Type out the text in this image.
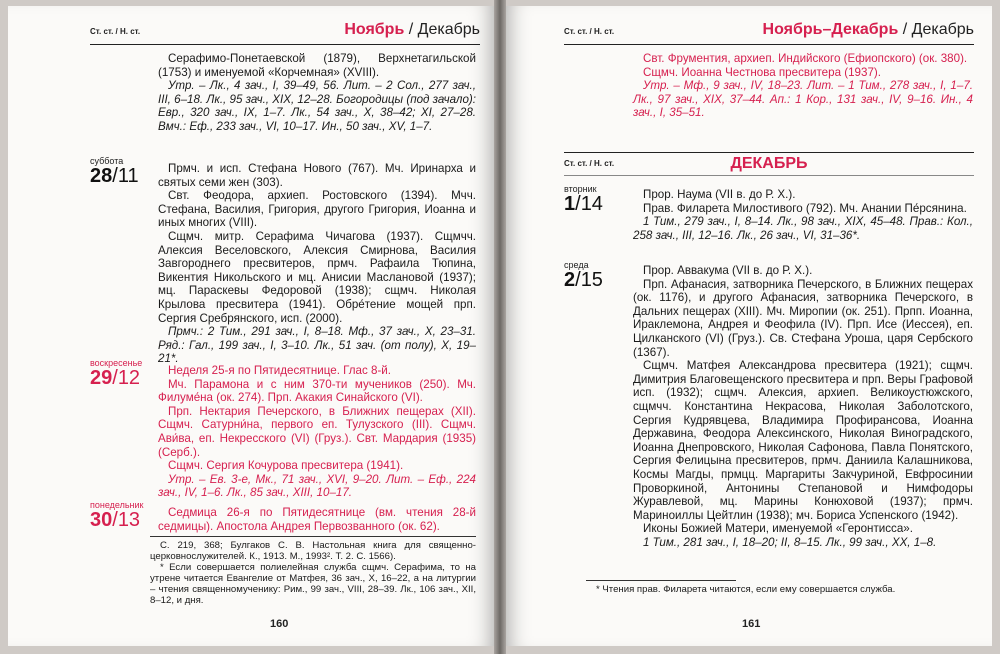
Ст. ст. / Н. ст.	Ноябрь / Декабрь

Серафимо-Понетаевской (1879), Верхнетагильской (1753) и именуемой «Корчемная» (XVIII).

Утр. – Лк., 4 зач., I, 39–49, 56. Лит. – 2 Сол., 277 зач., III, 6–18. Лк., 95 зач., XIX, 12–28. Богородицы (под зачало): Евр., 320 зач., IX, 1–7. Лк., 54 зач., X, 38–42; XI, 27–28. Вмч.: Еф., 233 зач., VI, 10–17. Ин., 50 зач., XV, 1–7.

суббота
28/11	Прмч. и исп. Стефана Нового (767). Мч. Иринарха и святых семи жен (303).

Свт. Феодора, архиеп. Ростовского (1394). Мчч. Стефана, Василия, Григория, другого Григория, Иоанна и иных многих (VIII).

Сщмч. митр. Серафима Чичагова (1937). Сщмчч. Алексия Веселовского, Алексия Смирнова, Василия Завгороднего пресвитеров, прмч. Рафаила Тюпина, Викентия Никольского и мц. Анисии Маслановой (1937); мц. Параскевы Федоровой (1938); сщмч. Николая Крылова пресвитера (1941). Обре́тение мощей прп. Сергия Сребрянского, исп. (2000).

Прмч.: 2 Тим., 291 зач., I, 8–18. Мф., 37 зач., X, 23–31. Ряд.: Гал., 199 зач., I, 3–10. Лк., 51 зач. (от полу), X, 19–21*.

воскресенье
29/12	Неделя 25-я по Пятидесятнице. Глас 8-й.

Мч. Парамона и с ним 370-ти мучеников (250). Мч. Филуме́на (ок. 274). Прп. Акакия Синайского (VI).

Прп. Нектария Печерского, в Ближних пещерах (XII). Сщмч. Сатурни́на, первого еп. Тулузского (III). Сщмч. Ави́ва, еп. Некресского (VI) (Груз.). Свт. Мардария (1935) (Серб.).

Сщмч. Сергия Кочурова пресвитера (1941).

Утр. – Ев. 3-е, Мк., 71 зач., XVI, 9–20. Лит. – Еф., 224 зач., IV, 1–6. Лк., 85 зач., XIII, 10–17.

понедельник
30/13	Седмица 26-я по Пятидесятнице (вм. чтения 28-й седмицы). Апостола Андрея Первозванного (ок. 62).

С. 219, 368; Булгаков С. В. Настольная книга для священно-церковнослужителей. К., 1913. М., 1993². Т. 2. С. 1566).

* Если совершается полиелейная служба сщмч. Серафима, то на утрене читается Евангелие от Матфея, 36 зач., X, 16–22, а на литургии – чтения священномученику: Рим., 99 зач., VIII, 28–39. Лк., 106 зач., XII, 8–12, и дня.

160
Ст. ст. / Н. ст.	Ноябрь–Декабрь / Декабрь

Свт. Фрументия, архиеп. Индийского (Ефиопского) (ок. 380).

Сщмч. Иоанна Честнова пресвитера (1937).

Утр. – Мф., 9 зач., IV, 18–23. Лит. – 1 Тим., 278 зач., I, 1–7. Лк., 97 зач., XIX, 37–44. Ап.: 1 Кор., 131 зач., IV, 9–16. Ин., 4 зач., I, 35–51.

Ст. ст. / Н. ст.	ДЕКАБРЬ
вторник
1/14	Прор. Наума (VII в. до Р. Х.).

Прав. Филарета Милостивого (792). Мч. Анании Пе́рсянина.

1 Тим., 279 зач., I, 8–14. Лк., 98 зач., XIX, 45–48. Прав.: Кол., 258 зач., III, 12–16. Лк., 26 зач., VI, 31–36*.

среда
2/15	Прор. Аввакума (VII в. до Р. Х.).

Прп. Афанасия, затворника Печерского, в Ближних пещерах (ок. 1176), и другого Афанасия, затворника Печерского, в Дальних пещерах (XIII). Мч. Миропии (ок. 251). Прпп. Иоанна, Ираклемона, Андрея и Феофила (IV). Прп. Исе (Иессея), еп. Цилканского (VI) (Груз.). Св. Стефана Уроша, царя Сербского (1367).

Сщмч. Матфея Александрова пресвитера (1921); сщмч. Димитрия Благовещенского пресвитера и прп. Веры Графовой исп. (1932); сщмч. Алексия, архиеп. Великоустюжского, сщмчч. Константина Некрасова, Николая Заболотского, Сергия Кудрявцева, Владимира Профирансова, Иоанна Державина, Феодора Алексинского, Николая Виноградского, Иоанна Днепровского, Николая Сафонова, Павла Понятского, Сергия Фелицына пресвитеров, прмч. Даниила Калашникова, Космы Магды, прмцц. Маргариты Закчуриной, Евфросинии Проворкиной, Антонины Степановой и Нимфодоры Журавлевой, мц. Марины Конюховой (1937); прмч. Мариноиллы Цейтлин (1938); мч. Бориса Успенского (1942).

Иконы Божией Матери, именуемой «Геронтисса».

1 Тим., 281 зач., I, 18–20; II, 8–15. Лк., 99 зач., XX, 1–8.

* Чтения прав. Филарета читаются, если ему совершается служба.

161
